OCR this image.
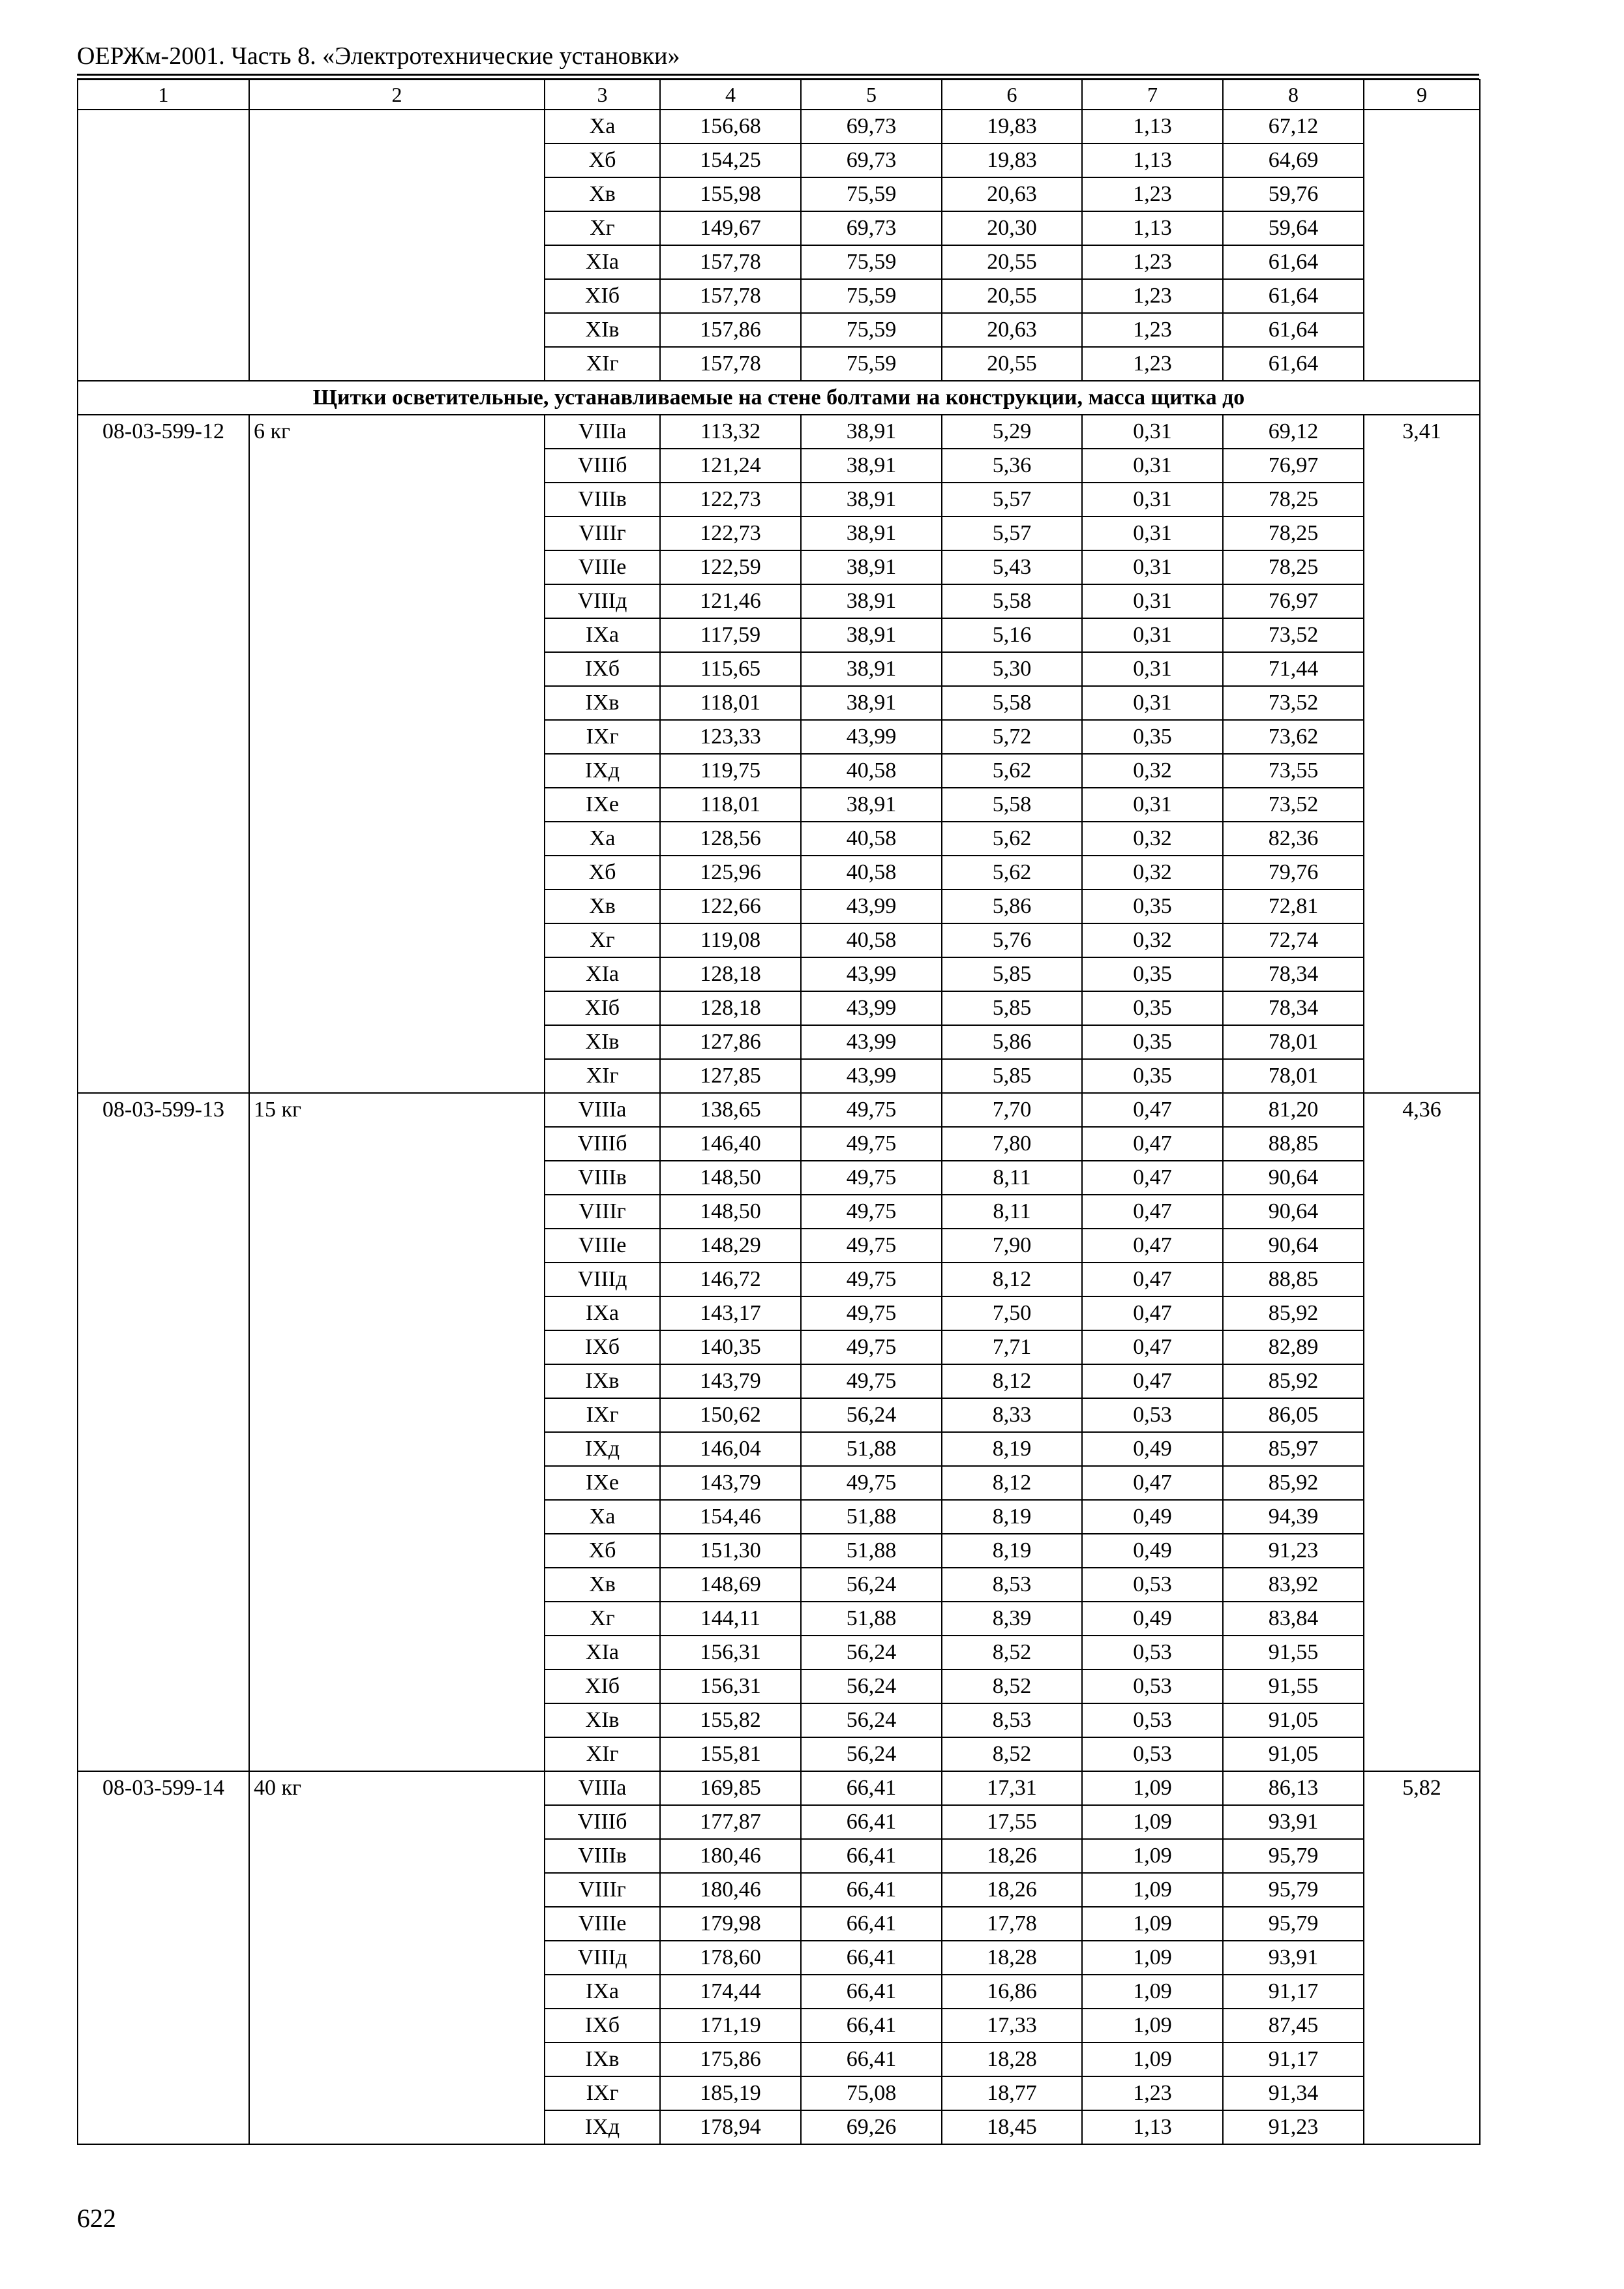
ОЕРЖм-2001. Часть 8. «Электротехнические установки»
1	2	3	4	5	6	7	8	9
		Xa	156,68	69,73	19,83	1,13	67,12	
		Xб	154,25	69,73	19,83	1,13	64,69	
		Xв	155,98	75,59	20,63	1,23	59,76	
		Xг	149,67	69,73	20,30	1,13	59,64	
		XIa	157,78	75,59	20,55	1,23	61,64	
		XIб	157,78	75,59	20,55	1,23	61,64	
		XIв	157,86	75,59	20,63	1,23	61,64	
		XIг	157,78	75,59	20,55	1,23	61,64	
Щитки осветительные, устанавливаемые на стене болтами на конструкции, масса щитка до								
08-03-599-12	6 кг	VIIIa	113,32	38,91	5,29	0,31	69,12	3,41
		VIIIб	121,24	38,91	5,36	0,31	76,97	
		VIIIв	122,73	38,91	5,57	0,31	78,25	
		VIIIг	122,73	38,91	5,57	0,31	78,25	
		VIIIe	122,59	38,91	5,43	0,31	78,25	
		VIIIд	121,46	38,91	5,58	0,31	76,97	
		IXa	117,59	38,91	5,16	0,31	73,52	
		IXб	115,65	38,91	5,30	0,31	71,44	
		IXв	118,01	38,91	5,58	0,31	73,52	
		IXг	123,33	43,99	5,72	0,35	73,62	
		IXд	119,75	40,58	5,62	0,32	73,55	
		IXe	118,01	38,91	5,58	0,31	73,52	
		Xa	128,56	40,58	5,62	0,32	82,36	
		Xб	125,96	40,58	5,62	0,32	79,76	
		Xв	122,66	43,99	5,86	0,35	72,81	
		Xг	119,08	40,58	5,76	0,32	72,74	
		XIa	128,18	43,99	5,85	0,35	78,34	
		XIб	128,18	43,99	5,85	0,35	78,34	
		XIв	127,86	43,99	5,86	0,35	78,01	
		XIг	127,85	43,99	5,85	0,35	78,01	
08-03-599-13	15 кг	VIIIa	138,65	49,75	7,70	0,47	81,20	4,36
		VIIIб	146,40	49,75	7,80	0,47	88,85	
		VIIIв	148,50	49,75	8,11	0,47	90,64	
		VIIIг	148,50	49,75	8,11	0,47	90,64	
		VIIIe	148,29	49,75	7,90	0,47	90,64	
		VIIIд	146,72	49,75	8,12	0,47	88,85	
		IXa	143,17	49,75	7,50	0,47	85,92	
		IXб	140,35	49,75	7,71	0,47	82,89	
		IXв	143,79	49,75	8,12	0,47	85,92	
		IXг	150,62	56,24	8,33	0,53	86,05	
		IXд	146,04	51,88	8,19	0,49	85,97	
		IXe	143,79	49,75	8,12	0,47	85,92	
		Xa	154,46	51,88	8,19	0,49	94,39	
		Xб	151,30	51,88	8,19	0,49	91,23	
		Xв	148,69	56,24	8,53	0,53	83,92	
		Xг	144,11	51,88	8,39	0,49	83,84	
		XIa	156,31	56,24	8,52	0,53	91,55	
		XIб	156,31	56,24	8,52	0,53	91,55	
		XIв	155,82	56,24	8,53	0,53	91,05	
		XIг	155,81	56,24	8,52	0,53	91,05	
08-03-599-14	40 кг	VIIIa	169,85	66,41	17,31	1,09	86,13	5,82
		VIIIб	177,87	66,41	17,55	1,09	93,91	
		VIIIв	180,46	66,41	18,26	1,09	95,79	
		VIIIг	180,46	66,41	18,26	1,09	95,79	
		VIIIe	179,98	66,41	17,78	1,09	95,79	
		VIIIд	178,60	66,41	18,28	1,09	93,91	
		IXa	174,44	66,41	16,86	1,09	91,17	
		IXб	171,19	66,41	17,33	1,09	87,45	
		IXв	175,86	66,41	18,28	1,09	91,17	
		IXг	185,19	75,08	18,77	1,23	91,34	
		IXд	178,94	69,26	18,45	1,13	91,23	
622
